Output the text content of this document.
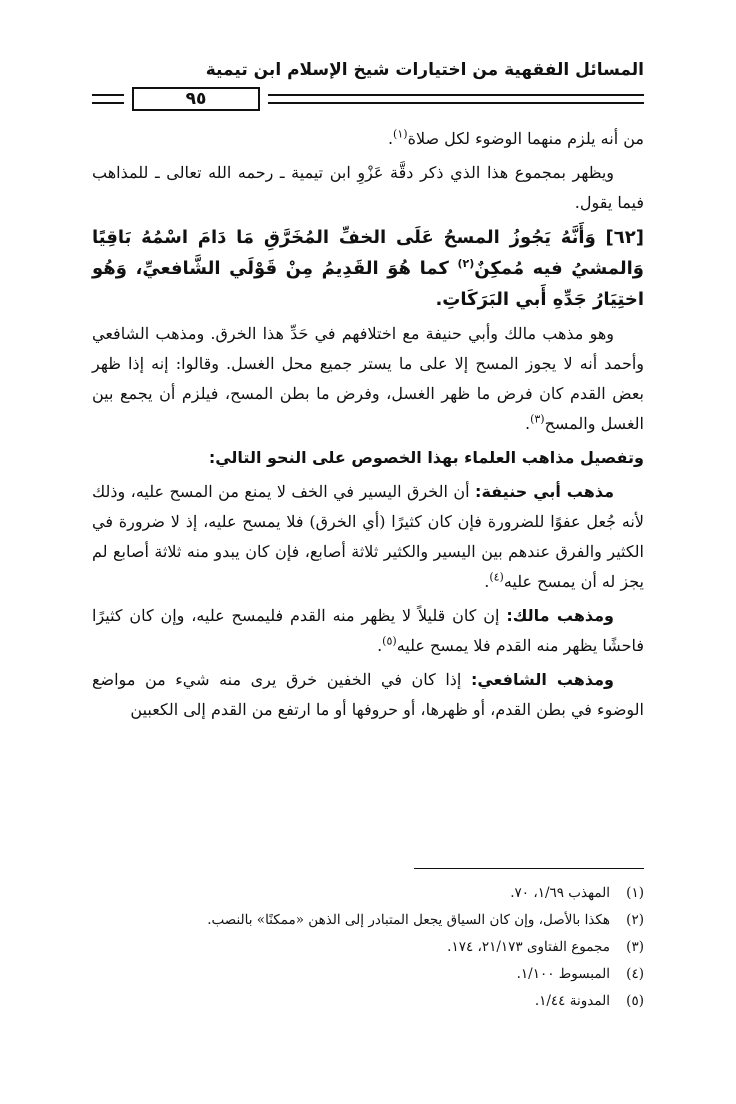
المسائل الفقهية من اختيارات شيخ الإسلام ابن تيمية
٩٥

من أنه يلزم منهما الوضوء لكل صلاة$^{(١)}$.

ويظهر بمجموع هذا الذي ذكر دقَّة عَزْوِ ابن تيمية ـ رحمه الله تعالى ـ للمذاهب فيما يقول.

[٦٢] وَأَنَّهُ يَجُوزُ المسحُ عَلَى الخفِّ المُخَرَّقِ مَا دَامَ اسْمُهُ بَاقِيًا وَالمشيُ فيه مُمكِنٌ$^{(٢)}$ كما هُوَ القَدِيمُ مِنْ قَوْلَي الشَّافعيِّ، وَهُو اختِيَارُ جَدِّهِ أَبي البَرَكَاتِ.

وهو مذهب مالك وأبي حنيفة مع اختلافهم في حَدِّ هذا الخرق. ومذهب الشافعي وأحمد أنه لا يجوز المسح إلا على ما يستر جميع محل الغسل. وقالوا: إنه إذا ظهر بعض القدم كان فرض ما ظهر الغسل، وفرض ما بطن المسح، فيلزم أن يجمع بين الغسل والمسح$^{(٣)}$.

وتفصيل مذاهب العلماء بهذا الخصوص على النحو التالي:

مذهب أبي حنيفة: أن الخرق اليسير في الخف لا يمنع من المسح عليه، وذلك لأنه جُعل عفوًا للضرورة فإن كان كثيرًا (أي الخرق) فلا يمسح عليه، إذ لا ضرورة في الكثير والفرق عندهم بين اليسير والكثير ثلاثة أصابع، فإن كان يبدو منه ثلاثة أصابع لم يجز له أن يمسح عليه$^{(٤)}$.

ومذهب مالك: إن كان قليلاً لا يظهر منه القدم فليمسح عليه، وإن كان كثيرًا فاحشًا يظهر منه القدم فلا يمسح عليه$^{(٥)}$.

ومذهب الشافعي: إذا كان في الخفين خرق يرى منه شيء من مواضع الوضوء في بطن القدم، أو ظهرها، أو حروفها أو ما ارتفع من القدم إلى الكعبين

(١)المهذب ١/٦٩، ٧٠.
(٢)هكذا بالأصل، وإن كان السياق يجعل المتبادر إلى الذهن «ممكنًا» بالنصب.
(٣)مجموع الفتاوى ٢١/١٧٣، ١٧٤.
(٤)المبسوط ١/١٠٠.
(٥)المدونة ١/٤٤.
